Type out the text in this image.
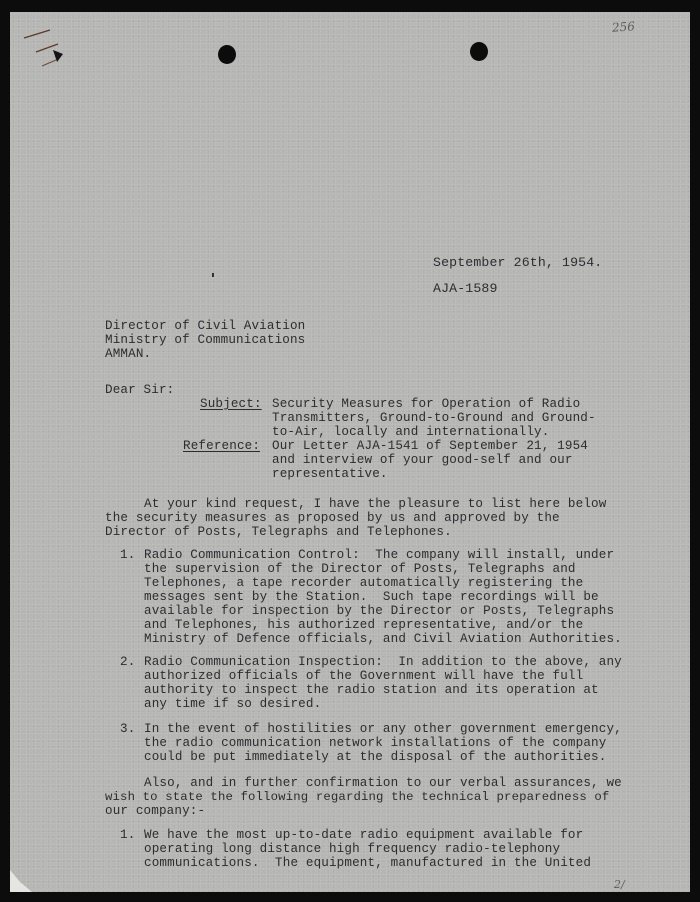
256
September 26th, 1954.
AJA-1589
Director of Civil Aviation
Ministry of Communications
AMMAN.
Dear Sir:
Subject: Security Measures for Operation of Radio
Transmitters, Ground-to-Ground and Ground-
to-Air, locally and internationally.
Reference: Our Letter AJA-1541 of September 21, 1954
and interview of your good-self and our
representative.
At your kind request, I have the pleasure to list here below
the security measures as proposed by us and approved by the
Director of Posts, Telegraphs and Telephones.
1. Radio Communication Control:  The company will install, under
the supervision of the Director of Posts, Telegraphs and
Telephones, a tape recorder automatically registering the
messages sent by the Station.  Such tape recordings will be
available for inspection by the Director or Posts, Telegraphs
and Telephones, his authorized representative, and/or the
Ministry of Defence officials, and Civil Aviation Authorities.
2. Radio Communication Inspection:  In addition to the above, any
authorized officials of the Government will have the full
authority to inspect the radio station and its operation at
any time if so desired.
3. In the event of hostilities or any other government emergency,
the radio communication network installations of the company
could be put immediately at the disposal of the authorities.
Also, and in further confirmation to our verbal assurances, we
wish to state the following regarding the technical preparedness of
our company:-
1. We have the most up-to-date radio equipment available for
operating long distance high frequency radio-telephony
communications.  The equipment, manufactured in the United
2/
